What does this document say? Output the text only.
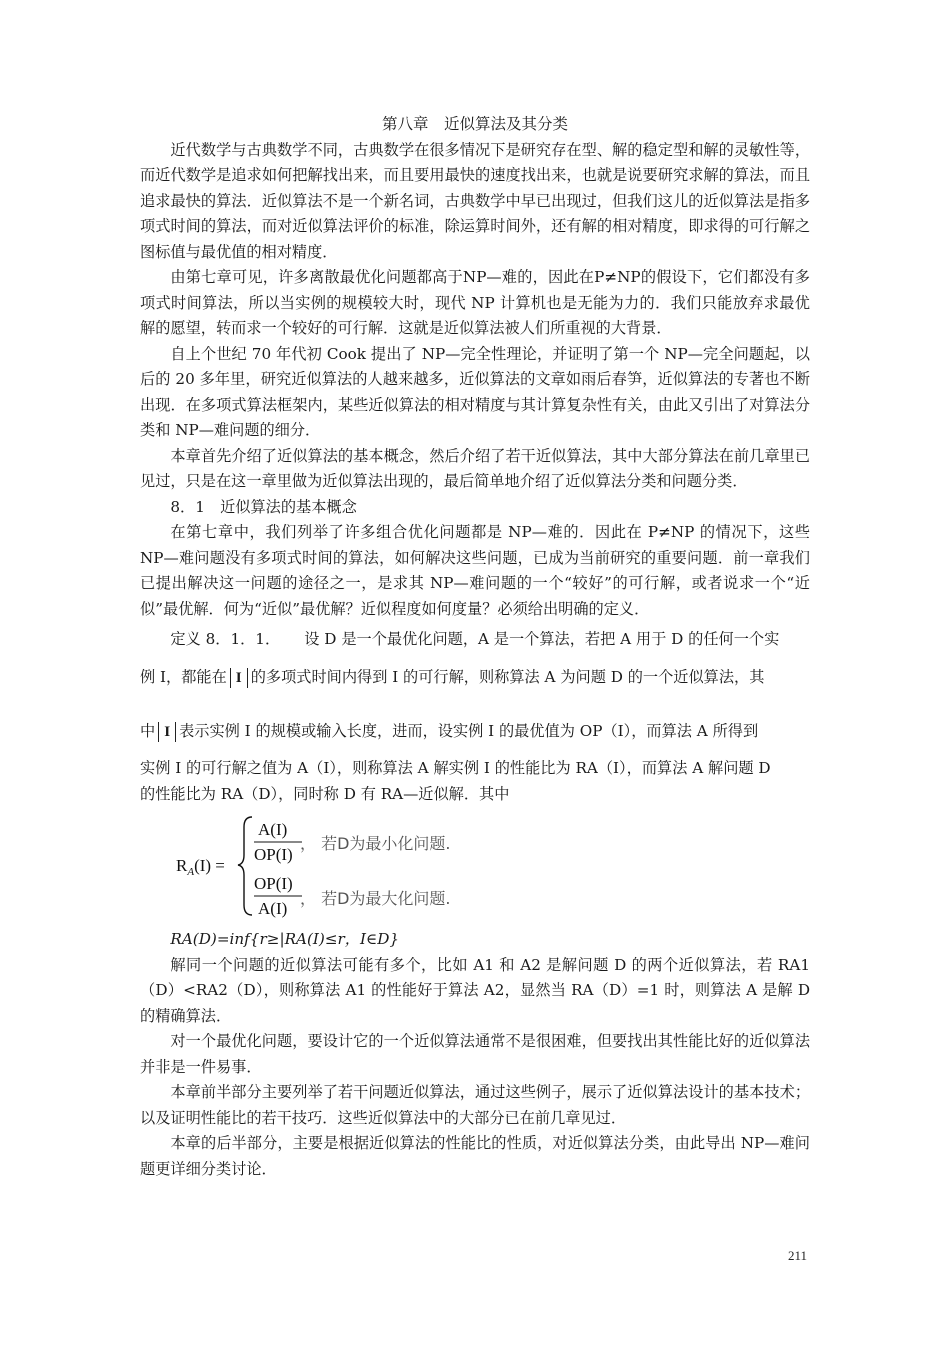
第八章　近似算法及其分类

近代数学与古典数学不同，古典数学在很多情况下是研究存在型、解的稳定型和解的灵敏性等，而近代数学是追求如何把解找出来，而且要用最快的速度找出来，也就是说要研究求解的算法，而且追求最快的算法．近似算法不是一个新名词，古典数学中早已出现过，但我们这儿的近似算法是指多项式时间的算法，而对近似算法评价的标准，除运算时间外，还有解的相对精度，即求得的可行解之图标值与最优值的相对精度．

由第七章可见，许多离散最优化问题都高于NP—难的，因此在P≠NP的假设下，它们都没有多项式时间算法，所以当实例的规模较大时，现代 NP 计算机也是无能为力的．我们只能放弃求最优解的愿望，转而求一个较好的可行解．这就是近似算法被人们所重视的大背景．

自上个世纪 70 年代初 Cook 提出了 NP—完全性理论，并证明了第一个 NP—完全问题起，以后的 20 多年里，研究近似算法的人越来越多，近似算法的文章如雨后春笋，近似算法的专著也不断出现．在多项式算法框架内，某些近似算法的相对精度与其计算复杂性有关，由此又引出了对算法分类和 NP—难问题的细分．

本章首先介绍了近似算法的基本概念，然后介绍了若干近似算法，其中大部分算法在前几章里已见过，只是在这一章里做为近似算法出现的，最后简单地介绍了近似算法分类和问题分类．

8．1　近似算法的基本概念

在第七章中，我们列举了许多组合优化问题都是 NP—难的．因此在 P≠NP 的情况下，这些 NP—难问题没有多项式时间的算法，如何解决这些问题，已成为当前研究的重要问题．前一章我们已提出解决这一问题的途径之一，是求其 NP—难问题的一个“较好”的可行解，或者说求一个“近似”最优解．何为“近似”最优解？近似程度如何度量？必须给出明确的定义．

定义 8．1．1． 设 D 是一个最优化问题，A 是一个算法，若把 A 用于 D 的任何一个实

例 I，都能在 I 的多项式时间内得到 I 的可行解，则称算法 A 为问题 D 的一个近似算法，其

中 I 表示实例 I 的规模或输入长度，进而，设实例 I 的最优值为 OP（I），而算法 A 所得到

实例 I 的可行解之值为 A（I），则称算法 A 解实例 I 的性能比为 RA（I），而算法 A 解问题 D

的性能比为 RA（D），同时称 D 有 RA—近似解．其中

$R_A(I)$ =
A(I)
OP(I)
， 若D为最小化问题.
OP(I)
A(I)
， 若D为最大化问题.

RA(D)=inf{r≥|RA(I)≤r，I∈D}

解同一个问题的近似算法可能有多个，比如 A1 和 A2 是解问题 D 的两个近似算法，若 RA1（D）<RA2（D），则称算法 A1 的性能好于算法 A2，显然当 RA（D）=1 时，则算法 A 是解 D 的精确算法．

对一个最优化问题，要设计它的一个近似算法通常不是很困难，但要找出其性能比好的近似算法并非是一件易事．

本章前半部分主要列举了若干问题近似算法，通过这些例子，展示了近似算法设计的基本技术；以及证明性能比的若干技巧．这些近似算法中的大部分已在前几章见过．

本章的后半部分，主要是根据近似算法的性能比的性质，对近似算法分类，由此导出 NP—难问题更详细分类讨论．

211
